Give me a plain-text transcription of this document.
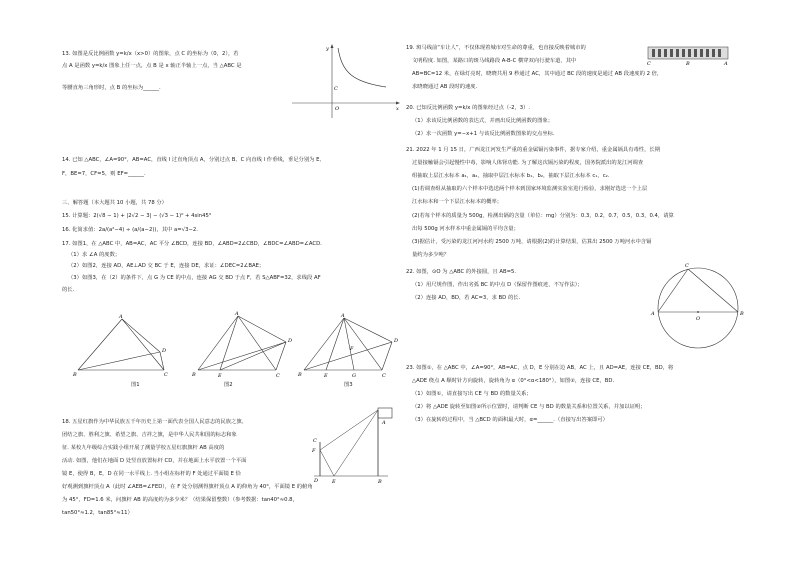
13. 如图是反比例函数 y=k/x（x>0）的图象，点 C 的坐标为（0，2），若
点 A 是函数 y=k/x 图象上任一点，点 B 是 x 轴正半轴上一点，当 △ABC 是
等腰直角三角形时，点 B 的坐标为______.
y
x
O
C
14. 已知 △ABC，∠A=90°，AB=AC，直线 l 过直角顶点 A，分别过点 B、C 向直线 l 作垂线，垂足分别为 E、
F，BE=7，CF=5，则 EF=______.
三、解答题（本大题共 10 小题，共 78 分）
15. 计算题：2(√8 − 1) + |2√2 − 3| − (√3 − 1)⁰ + 4sin45°
16. 化简求值：2a/(a²−4) ÷ (a/(a−2))，其中 a=√3−2.
17. 如图1，在 △ABC 中，AB=AC，AC 平分 ∠BCD，连接 BD，∠ABD=2∠CBD，∠BDC=∠ABD=∠ACD.
（1）求 ∠A 的度数；
（2）如图2，连接 AD，AE⊥AD 交 BC 于 E，连接 DE，求证：∠DEC=2∠BAE；
（3）如图3，在（2）的条件下，点 G 为 CE 的中点，连接 AG 交 BD 于点 F，若 S△ABF=32，求线段 AF
的长.
A
B	C
D
图1
A
B	E	C
D
图2
A
B	E	G	C
D
F
图3
18. 五星红旗作为中华民族五千年历史上第一面代表全国人民意志的民族之旗、
团结之旗、胜利之旗、希望之旗、吉祥之旗，是中华人民共和国的标志和象
征. 某校九年级综合实践小组开展了测量学校五星红旗旗杆 AB 高度的
活动. 如图，他们在地面 D 处竖直放置标杆 CD，并在地面上水平放置一个平面
镜 E，使得 B，E，D 在同一水平线上. 当小组在标杆的 F 处通过平面镜 E 恰
好观测到旗杆顶点 A（此时 ∠AEB=∠FED），在 F 处分别测得旗杆顶点 A 的仰角为 40°，平面镜 E 的俯角
为 45°，FD=1.6 米，问旗杆 AB 的高度约为多少米？（结果保留整数）（参考数据：tan40°≈0.8，
tan50°≈1.2，tan85°≈11）
A
B
C
F
D	E
19. 斑马线前“车让人”，不仅体现着城市对生命的尊重，也直接反映着城市的
文明程度. 如图，某路口的斑马线路段 A-B-C 横穿双向行驶车道，其中
AB=BC=12 米，在绿灯亮时，晓晓共用 9 秒通过 AC，其中通过 BC 段的速度是通过 AB 段速度的 2 倍，
求晓晓通过 AB 段时的速度.
C	B	A
20. 已知反比例函数 y=k/x 的图象经过点（-2，3）.
（1）求该反比例函数的表达式，并画出反比例函数的图象；
（2）求一次函数 y=−x+1 与该反比例函数图象的交点坐标.
21. 2022 年 1 月 15 日，广西龙江河发生严重的重金属镉污染事件，据专家介绍，重金属镉具有毒性，长期
过量接触镉会引起慢性中毒，影响人体肾功能. 为了解这次镉污染的程度，国务院派出的龙江河调查
组抽取上层江水标本 a₁，a₂，抽取中层江水标本 b₁，b₂，抽取下层江水标本 c₁，c₂.
(1)若调查组从抽取的六个样本中选送两个样本到国家环境监测实验室进行检验，求刚好选送一个上层
江水标本和一个下层江水标本的概率；
(2)若每个样本的质量为 500g，检测出镉的含量（单位：mg）分别为：0.3，0.2，0.7，0.5，0.3，0.4，请算
出每 500g 河水样本中重金属镉的平均含量；
(3)据估计，受污染的龙江河河水约 2500 万吨，请根据(2)的计算结果，估算出 2500 万吨河水中含镉
量约为多少吨？
22. 如图，⊙O 为 △ABC 的外接圆，且 AB=5.
（1）用尺规作图，作出劣弧 BC 的中点 D（保留作图痕迹，不写作法）；
（2）连接 AD，BD，若 AC=3，求 BD 的长.
C
A	B
O
23. 如图①，在 △ABC 中，∠A=90°，AB=AC，点 D，E 分别在边 AB，AC 上，且 AD=AE，连接 CE，BD，将
△ADE 绕点 A 顺时针方向旋转，旋转角为 α（0°<α<180°），如图②，连接 CE，BD.
（1）如图①，请直接写出 CE 与 BD 的数量关系；
（2）将 △ADE 旋转至如图②所示位置时，请判断 CE 与 BD 的数量关系和位置关系，并加以证明；
（3）在旋转的过程中，当 △BCD 的面积最大时，α=______.（直接写出答案即可）
